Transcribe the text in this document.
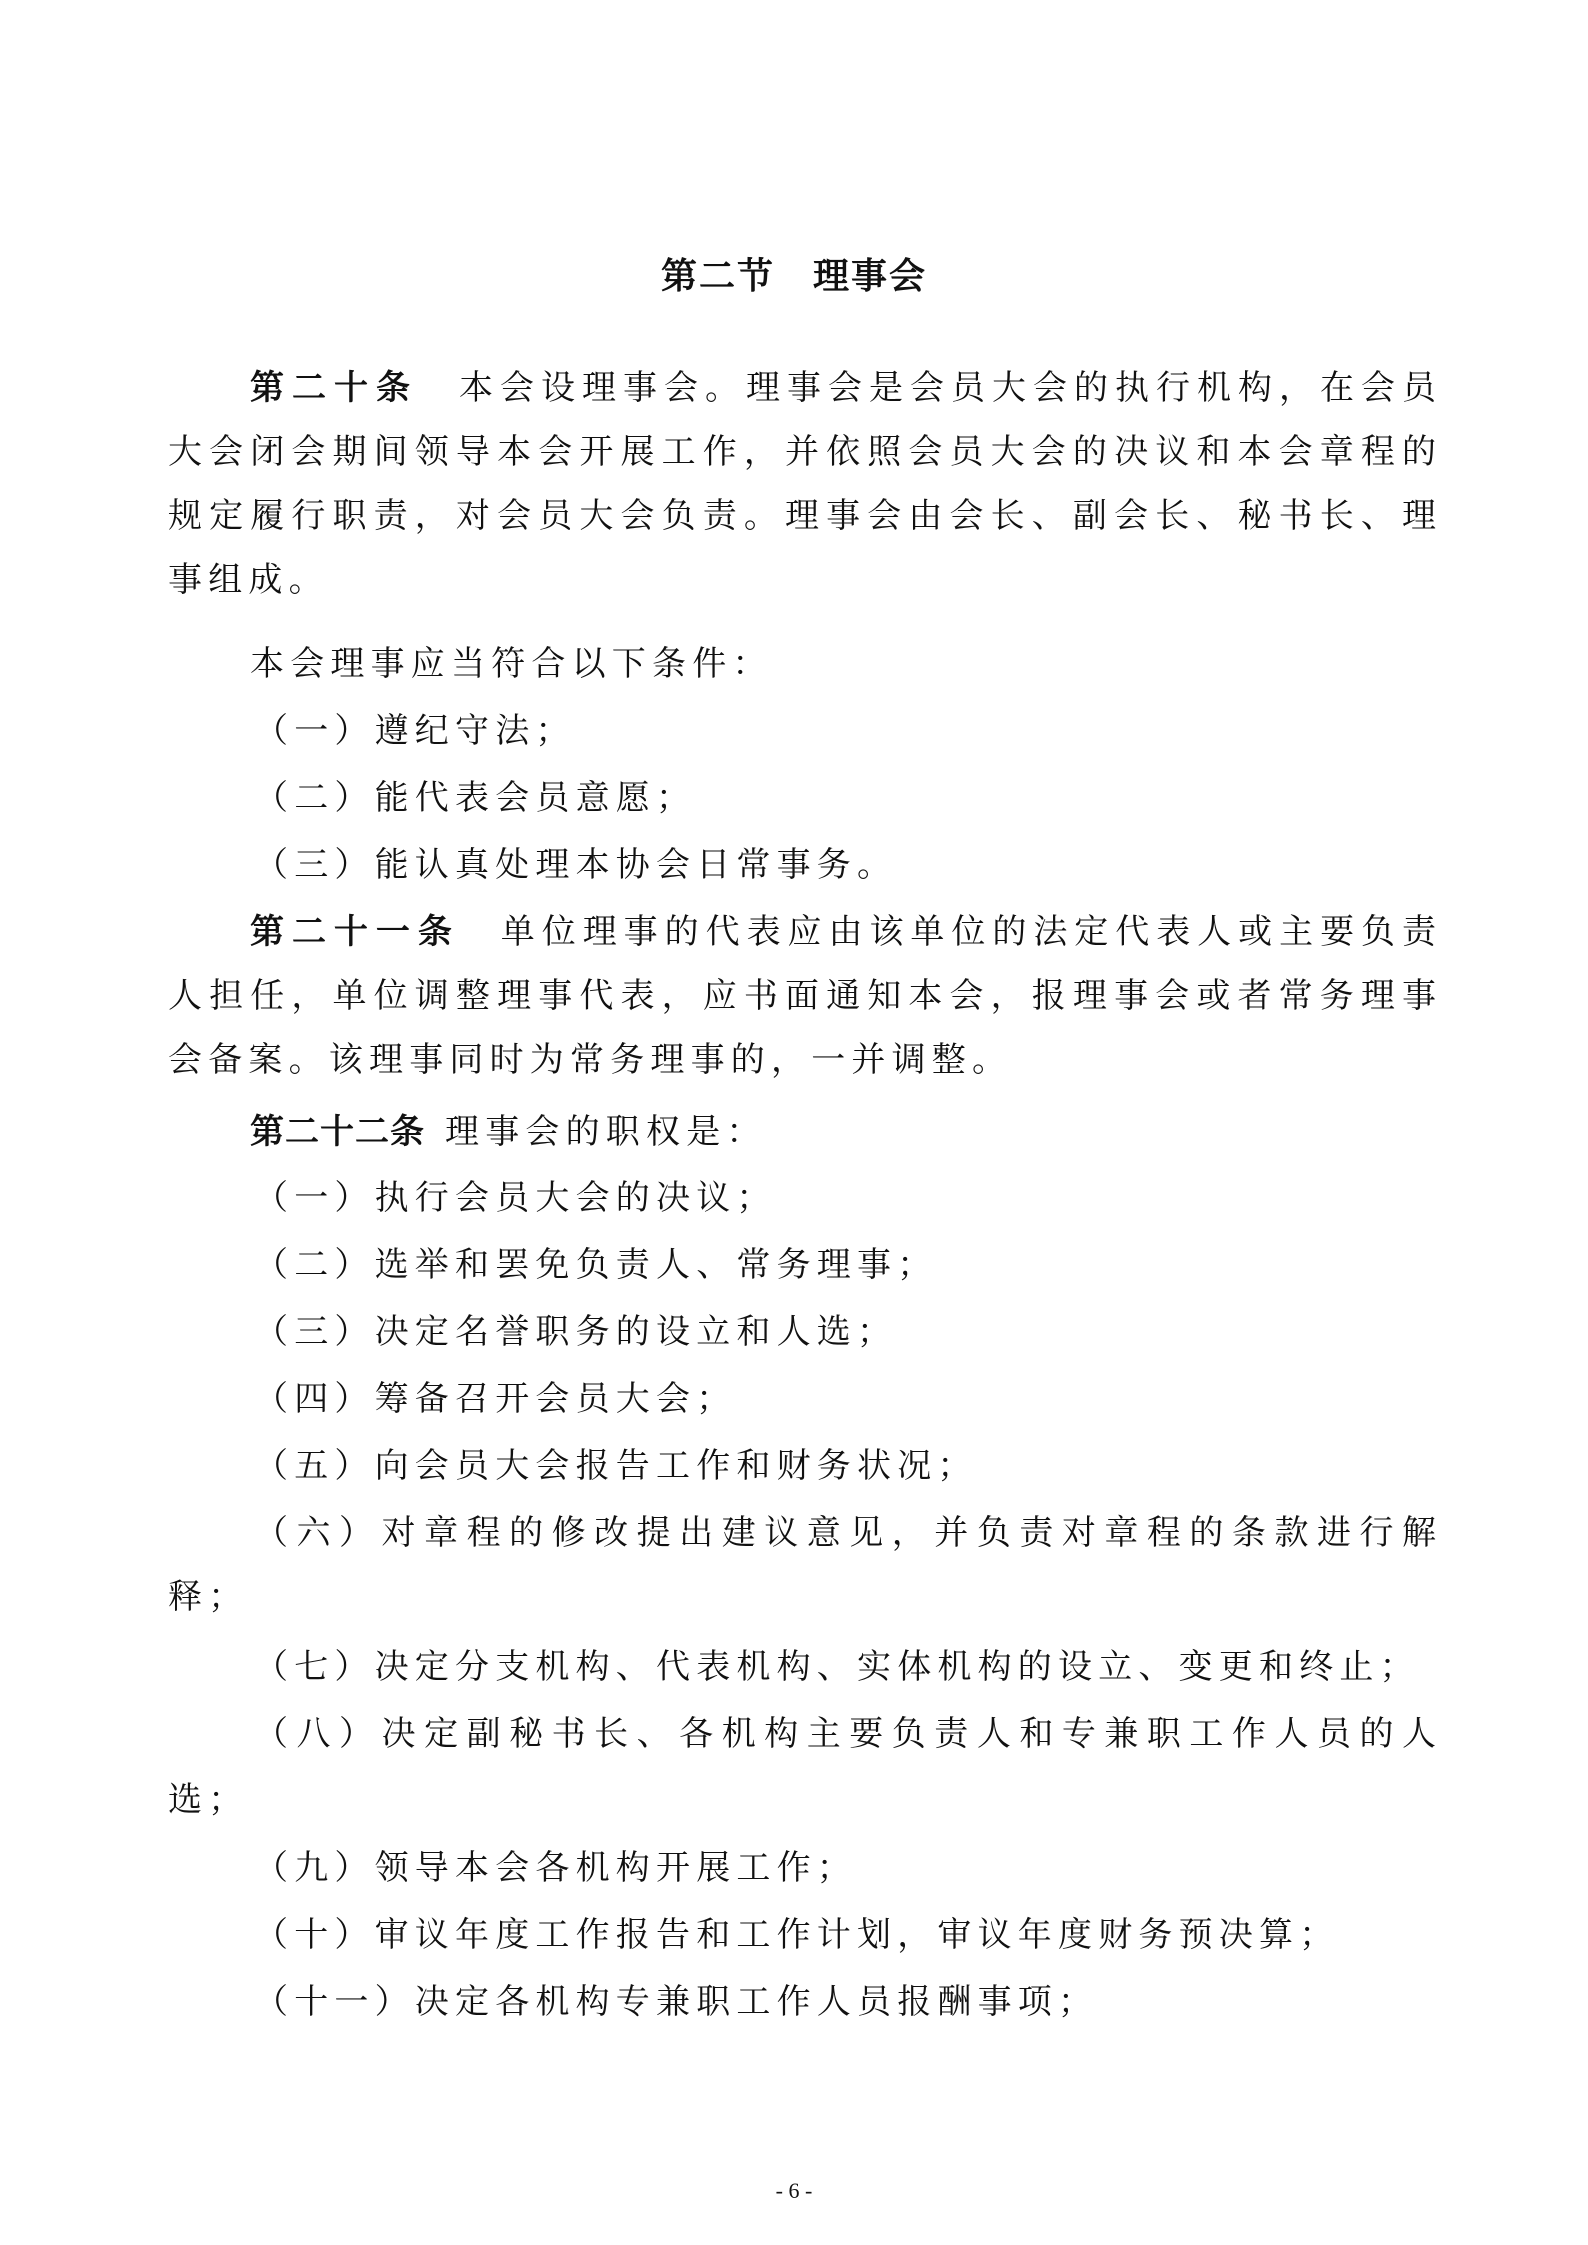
第二节　理事会
第二十条 本会设理事会。理事会是会员大会的执行机构，在会员
大会闭会期间领导本会开展工作，并依照会员大会的决议和本会章程的
规定履行职责，对会员大会负责。理事会由会长、副会长、秘书长、理
事组成。
本会理事应当符合以下条件：
（一）遵纪守法；
（二）能代表会员意愿；
（三）能认真处理本协会日常事务。
第二十一条 单位理事的代表应由该单位的法定代表人或主要负责
人担任，单位调整理事代表，应书面通知本会，报理事会或者常务理事
会备案。该理事同时为常务理事的，一并调整。
第二十二条 理事会的职权是：
（一）执行会员大会的决议；
（二）选举和罢免负责人、常务理事；
（三）决定名誉职务的设立和人选；
（四）筹备召开会员大会；
（五）向会员大会报告工作和财务状况；
（六）对章程的修改提出建议意见，并负责对章程的条款进行解
释；
（七）决定分支机构、代表机构、实体机构的设立、变更和终止；
（八）决定副秘书长、各机构主要负责人和专兼职工作人员的人
选；
（九）领导本会各机构开展工作；
（十）审议年度工作报告和工作计划，审议年度财务预决算；
（十一）决定各机构专兼职工作人员报酬事项；
- 6 -
